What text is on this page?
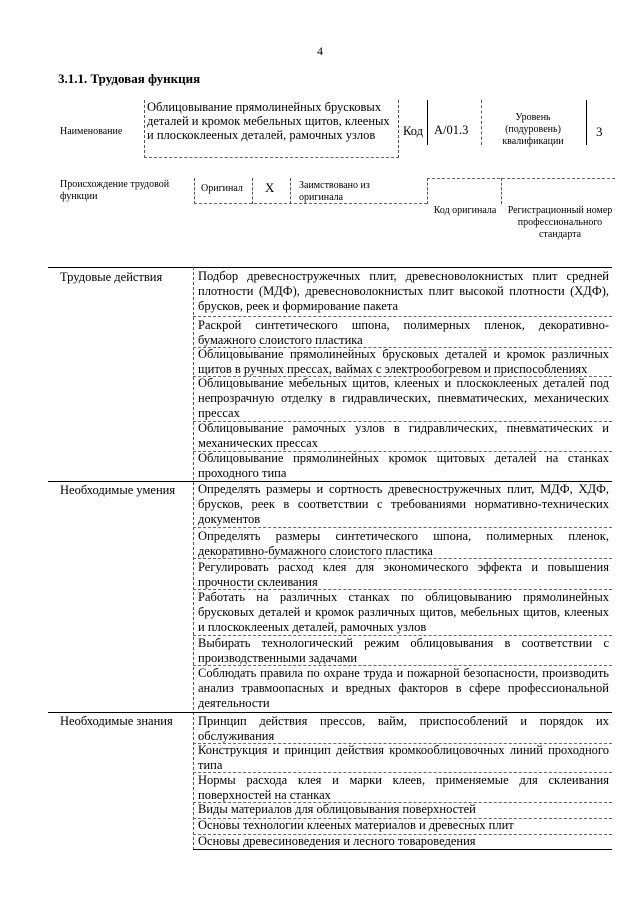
4
3.1.1. Трудовая функция
Наименование
Облицовывание прямолинейных брусковых деталей и кромок мебельных щитов, клееных и плоскоклееных деталей, рамочных узлов	Код А/01.3
Уровень (подуровень) квалификации
3
Происхождение трудовой функции
Оригинал Х Заимствовано из оригинала
Код оригинала	Регистрационный номер профессионального стандарта
Трудовые действия
Необходимые умения
Необходимые знания
Подбор древесностружечных плит, древесноволокнистых плит средней плотности (МДФ), древесноволокнистых плит высокой плотности (ХДФ), брусков, реек и формирование пакета
Раскрой синтетического шпона, полимерных пленок, декоративно-бумажного слоистого пластика
Облицовывание прямолинейных брусковых деталей и кромок различных щитов в ручных прессах, ваймах с электрообогревом и приспособлениях
Облицовывание мебельных щитов, клееных и плоскоклееных деталей под непрозрачную отделку в гидравлических, пневматических, механических прессах
Облицовывание рамочных узлов в гидравлических, пневматических и механических прессах
Облицовывание прямолинейных кромок щитовых деталей на станках проходного типа
Определять размеры и сортность древесностружечных плит, МДФ, ХДФ, брусков, реек в соответствии с требованиями нормативно-технических документов
Определять размеры синтетического шпона, полимерных пленок, декоративно-бумажного слоистого пластика
Регулировать расход клея для экономического эффекта и повышения прочности склеивания
Работать на различных станках по облицовыванию прямолинейных брусковых деталей и кромок различных щитов, мебельных щитов, клееных и плоскоклееных деталей, рамочных узлов
Выбирать технологический режим облицовывания в соответствии с производственными задачами
Соблюдать правила по охране труда и пожарной безопасности, производить анализ травмоопасных и вредных факторов в сфере профессиональной деятельности
Принцип действия прессов, вайм, приспособлений и порядок их обслуживания
Конструкция и принцип действия кромкооблицовочных линий проходного типа
Нормы расхода клея и марки клеев, применяемые для склеивания поверхностей на станках
Виды материалов для облицовывания поверхностей
Основы технологии клееных материалов и древесных плит
Основы древесиноведения и лесного товароведения
